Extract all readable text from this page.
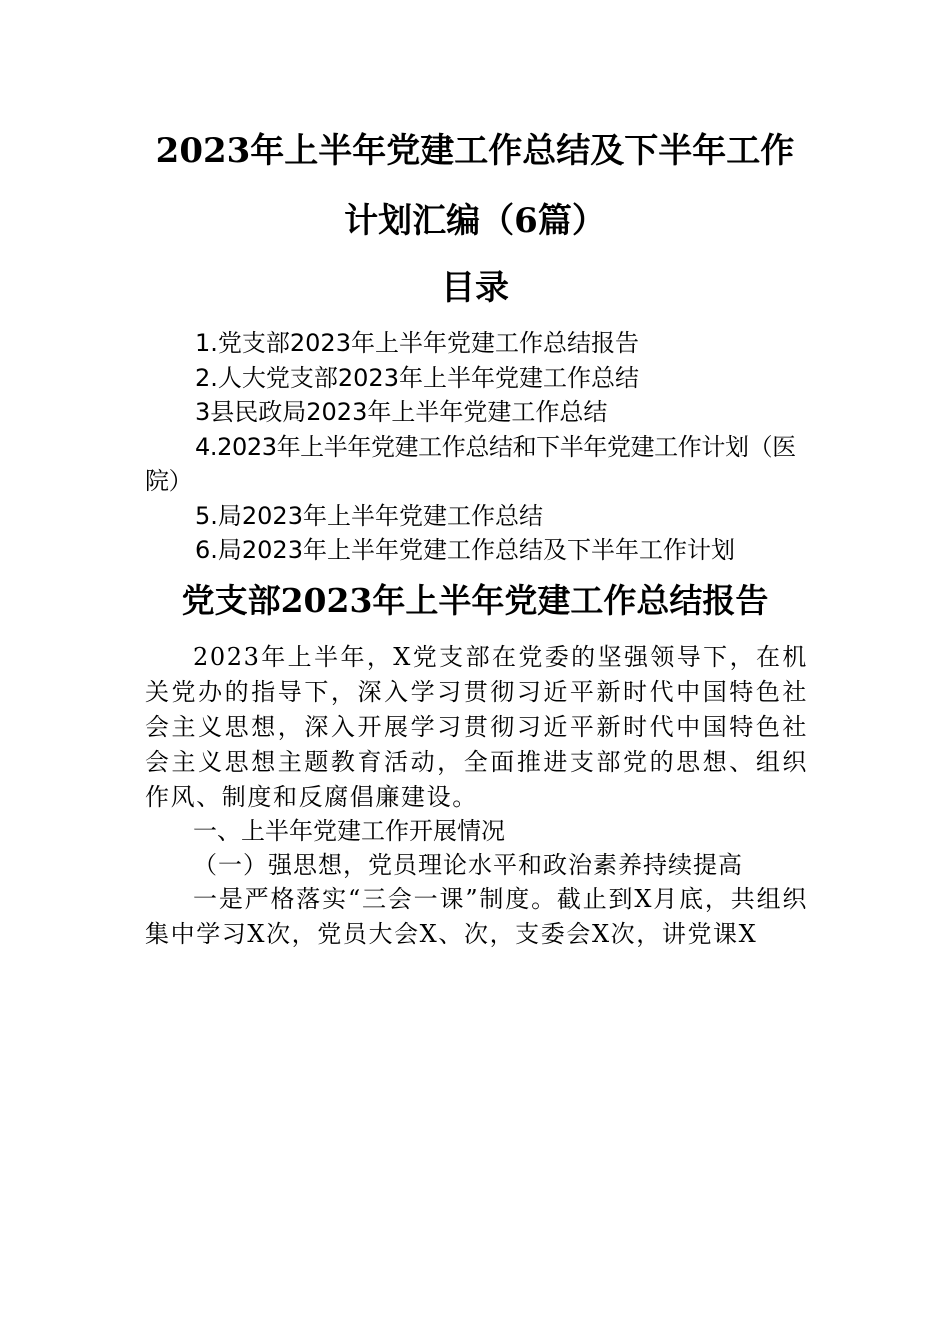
2023年上半年党建工作总结及下半年工作
计划汇编（6篇）
目录
1.党支部2023年上半年党建工作总结报告
2.人大党支部2023年上半年党建工作总结
3县民政局2023年上半年党建工作总结
4.2023年上半年党建工作总结和下半年党建工作计划（医院）
5.局2023年上半年党建工作总结
6.局2023年上半年党建工作总结及下半年工作计划
党支部2023年上半年党建工作总结报告

2023年上半年，X党支部在党委的坚强领导下，在机关党办的指导下，深入学习贯彻习近平新时代中国特色社会主义思想，深入开展学习贯彻习近平新时代中国特色社会主义思想主题教育活动，全面推进支部党的思想、组织作风、制度和反腐倡廉建设。

一、上半年党建工作开展情况
（一）强思想，党员理论水平和政治素养持续提高

一是严格落实“三会一课”制度。截止到X月底，共组织集中学习X次，党员大会X、次，支委会X次，讲党课X
